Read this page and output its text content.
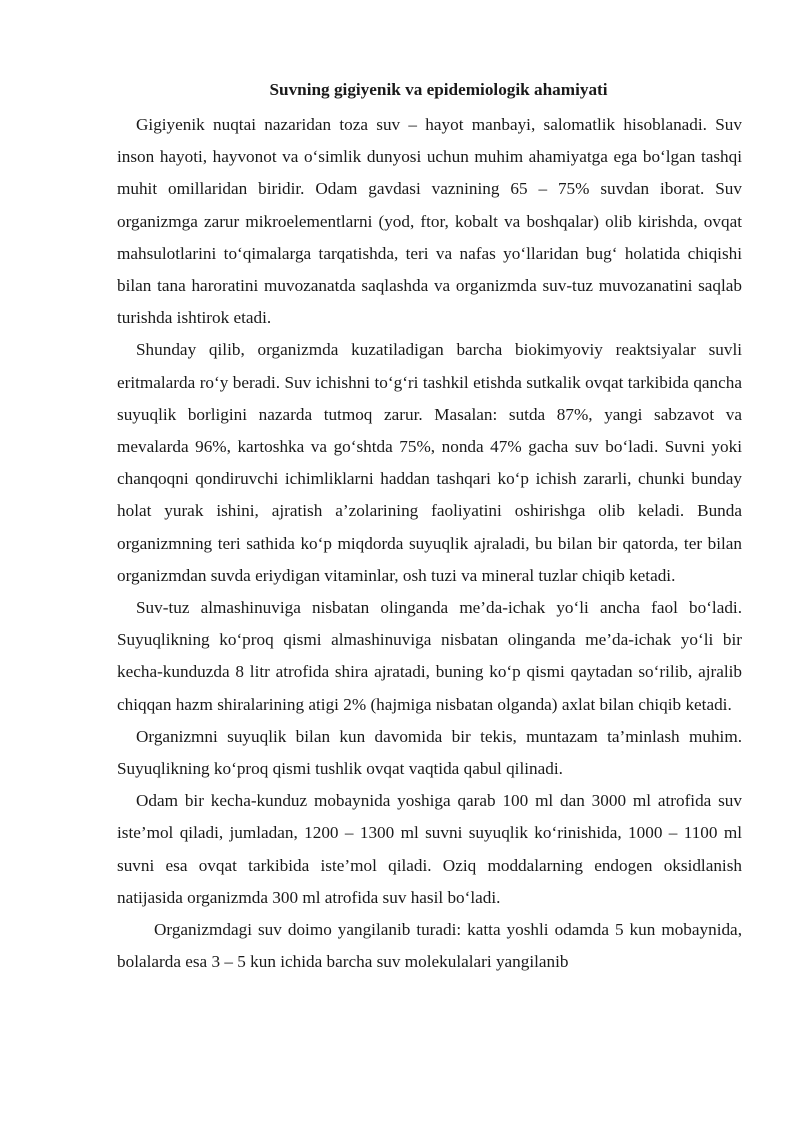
Suvning gigiyenik va epidemiologik ahamiyati

Gigiyenik nuqtai nazaridan toza suv – hayot manbayi, salomatlik hisoblanadi. Suv inson hayoti, hayvonot va o‘simlik dunyosi uchun muhim ahamiyatga ega bo‘lgan tashqi muhit omillaridan biridir. Odam gavdasi vaznining 65 – 75% suvdan iborat. Suv organizmga zarur mikroelementlarni (yod, ftor, kobalt va boshqalar) olib kirishda, ovqat mahsulotlarini to‘qimalarga tarqatishda, teri va nafas yo‘llaridan bug‘ holatida chiqishi bilan tana haroratini muvozanatda saqlashda va organizmda suv-tuz muvozanatini saqlab turishda ishtirok etadi.

Shunday qilib, organizmda kuzatiladigan barcha biokimyoviy reaktsiyalar suvli eritmalarda ro‘y beradi. Suv ichishni to‘g‘ri tashkil etishda sutkalik ovqat tarkibida qancha suyuqlik borligini nazarda tutmoq zarur. Masalan: sutda 87%, yangi sabzavot va mevalarda 96%, kartoshka va go‘shtda 75%, nonda 47% gacha suv bo‘ladi. Suvni yoki chanqoqni qondiruvchi ichimliklarni haddan tashqari ko‘p ichish zararli, chunki bunday holat yurak ishini, ajratish a’zolarining faoliyatini oshirishga olib keladi. Bunda organizmning teri sathida ko‘p miqdorda suyuqlik ajraladi, bu bilan bir qatorda, ter bilan organizmdan suvda eriydigan vitaminlar, osh tuzi va mineral tuzlar chiqib ketadi.

Suv-tuz almashinuviga nisbatan olinganda me’da-ichak yo‘li ancha faol bo‘ladi. Suyuqlikning ko‘proq qismi almashinuviga nisbatan olinganda me’da-ichak yo‘li bir kecha-kunduzda 8 litr atrofida shira ajratadi, buning ko‘p qismi qaytadan so‘rilib, ajralib chiqqan hazm shiralarining atigi 2% (hajmiga nisbatan olganda) axlat bilan chiqib ketadi.

Organizmni suyuqlik bilan kun davomida bir tekis, muntazam ta’minlash muhim. Suyuqlikning ko‘proq qismi tushlik ovqat vaqtida qabul qilinadi.

Odam bir kecha-kunduz mobaynida yoshiga qarab 100 ml dan 3000 ml atrofida suv iste’mol qiladi, jumladan, 1200 – 1300 ml suvni suyuqlik ko‘rinishida, 1000 – 1100 ml suvni esa ovqat tarkibida iste’mol qiladi. Oziq moddalarning endogen oksidlanish natijasida organizmda 300 ml atrofida suv hasil bo‘ladi.

Organizmdagi suv doimo yangilanib turadi: katta yoshli odamda 5 kun mobaynida, bolalarda esa 3 – 5 kun ichida barcha suv molekulalari yangilanib
